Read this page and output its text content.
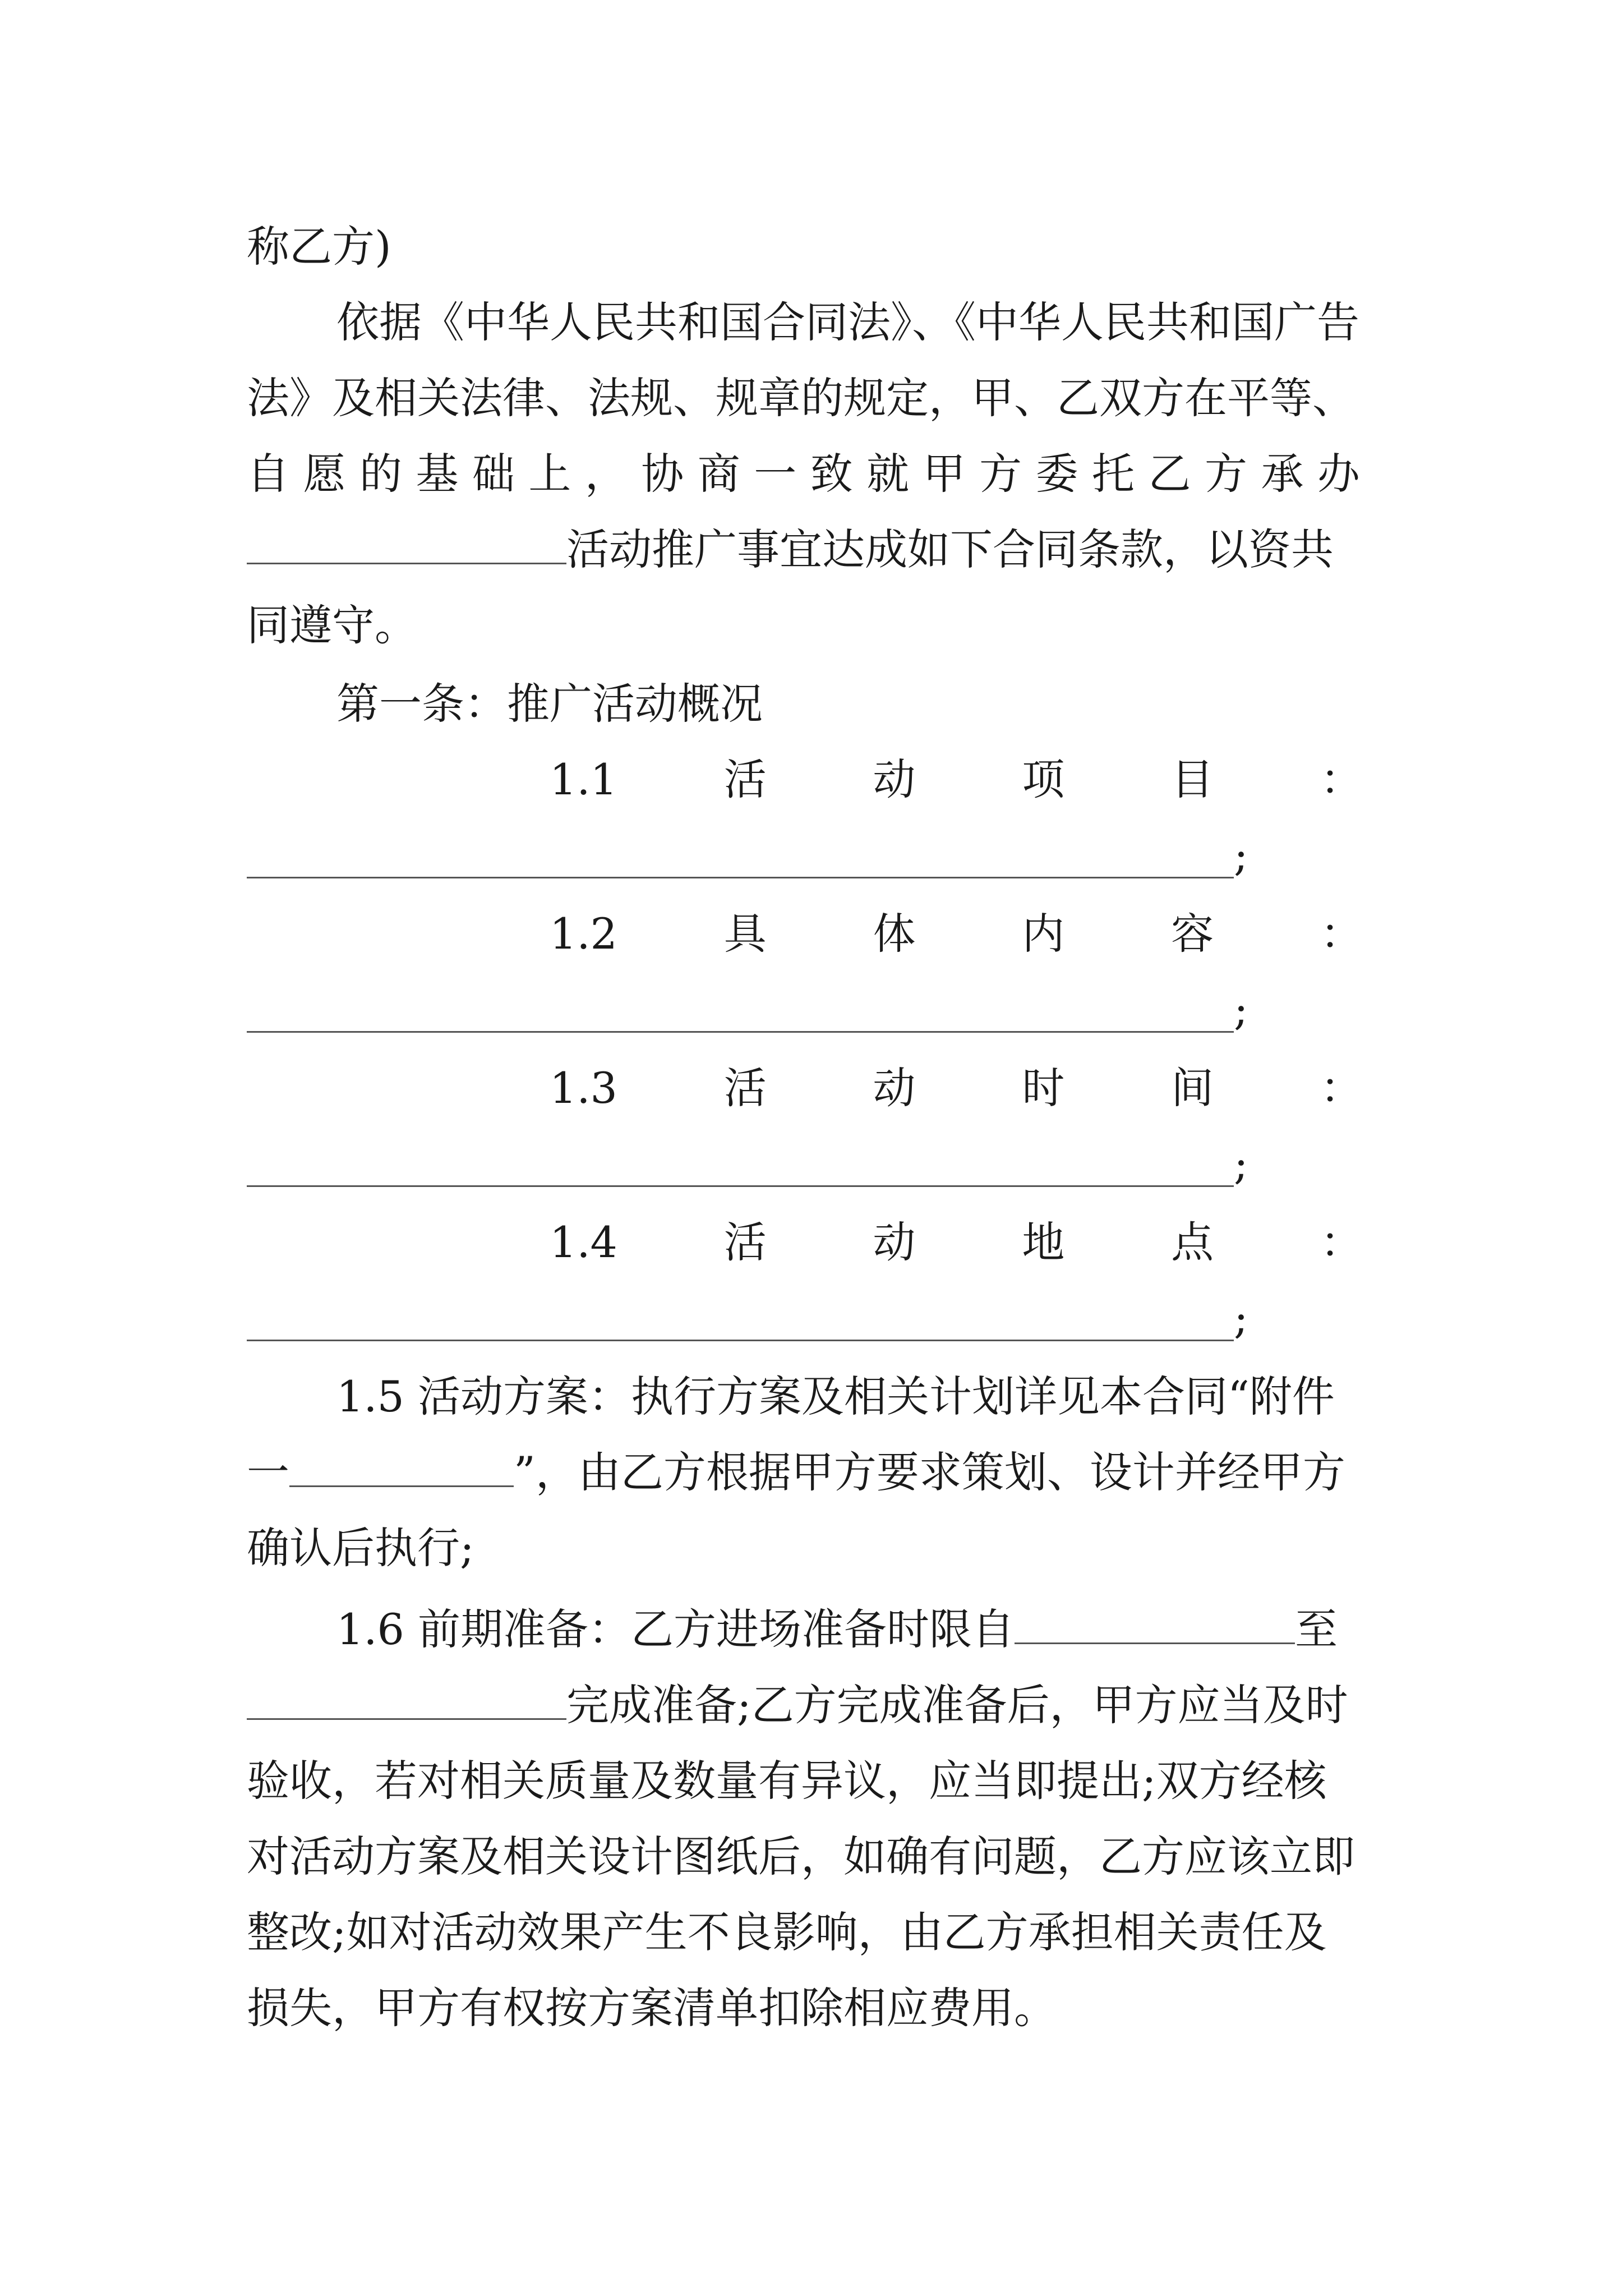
称乙方)
依据《中华人民共和国合同法》、《中华人民共和国广告
法》及相关法律、法规、规章的规定，甲、乙双方在平等、
自 愿 的 基 础 上 ， 协 商 一 致 就 甲 方 委 托 乙 方 承 办
活动推广事宜达成如下合同条款，以资共
同遵守。
第一条：推广活动概况
1.1 活 动 项 目 ：
;
1.2 具 体 内 容 ：
;
1.3 活 动 时 间 ：
;
1.4 活 动 地 点 ：
;
1.5 活动方案：执行方案及相关计划详见本合同“附件
一	”，由乙方根据甲方要求策划、设计并经甲方
确认后执行;
1.6 前期准备：乙方进场准备时限自	至
完成准备;乙方完成准备后，甲方应当及时
验收，若对相关质量及数量有异议，应当即提出;双方经核
对活动方案及相关设计图纸后，如确有问题，乙方应该立即
整改;如对活动效果产生不良影响，由乙方承担相关责任及
损失，甲方有权按方案清单扣除相应费用。
